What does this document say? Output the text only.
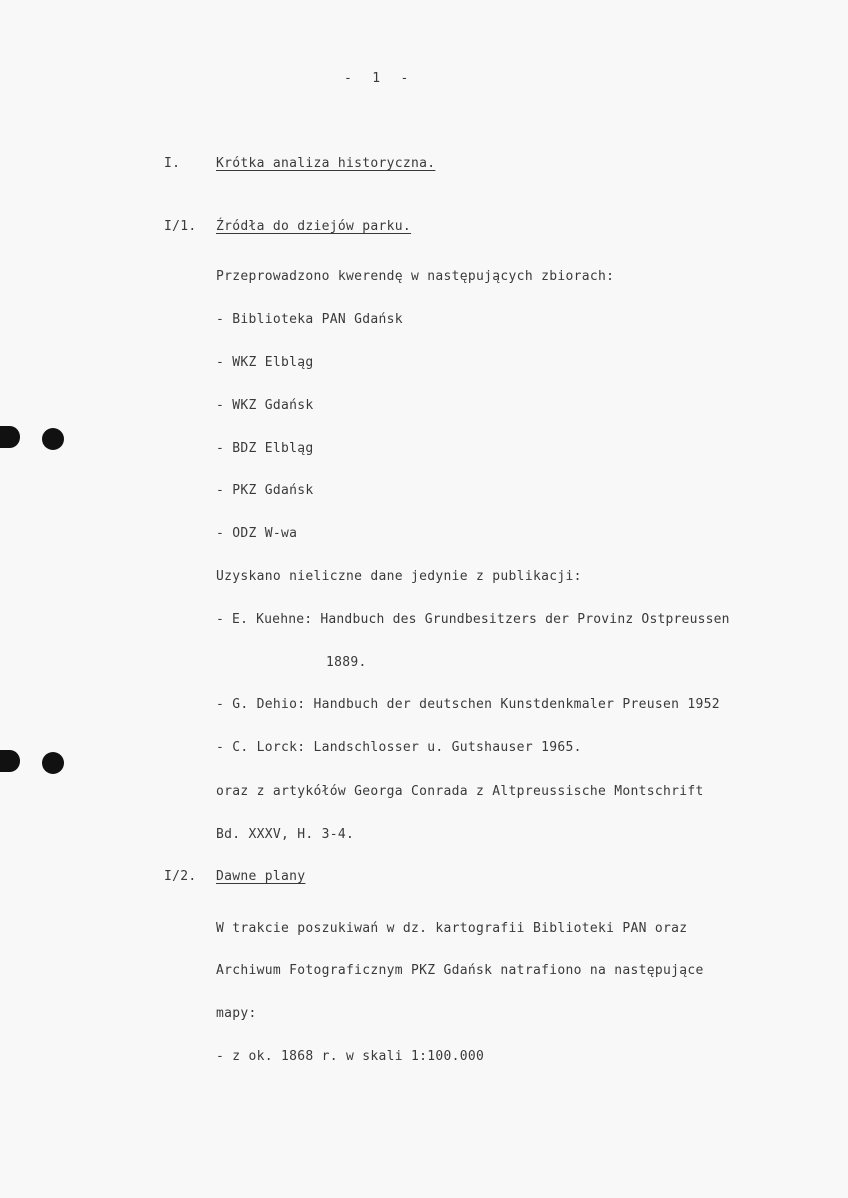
- 1 -
I.	Krótka analiza historyczna.
I/1. Źródła do dziejów parku.
Przeprowadzono kwerendę w następujących zbiorach:
- Biblioteka PAN Gdańsk
- WKZ Elbląg
- WKZ Gdańsk
- BDZ Elbląg
- PKZ Gdańsk
- ODZ W-wa
Uzyskano nieliczne dane jedynie z publikacji:
- E. Kuehne: Handbuch des Grundbesitzers der Provinz Ostpreussen
1889.
- G. Dehio: Handbuch der deutschen Kunstdenkmaler Preusen 1952
- C. Lorck: Landschlosser u. Gutshauser 1965.
oraz z artykółów Georga Conrada z Altpreussische Montschrift
Bd. XXXV, H. 3-4.
I/2. Dawne plany
W trakcie poszukiwań w dz. kartografii Biblioteki PAN oraz
Archiwum Fotograficznym PKZ Gdańsk natrafiono na następujące
mapy:
- z ok. 1868 r. w skali 1:100.000
